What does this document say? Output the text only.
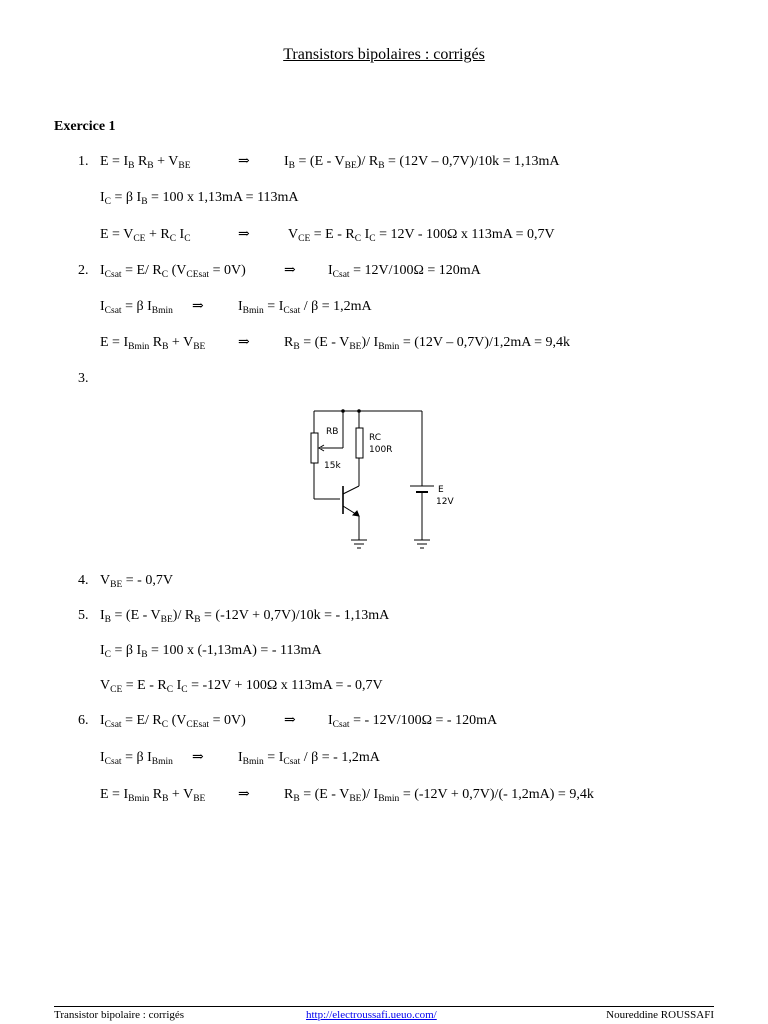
Transistors bipolaires : corrigés
Exercice 1
1. $E = I_B$ $R_B + V_{BE}$	⇒ $I_B = (E - V_{BE})/$ $R_B = (12V - 0,7V)/10k = 1,13mA$
$I_C = \beta$ $I_B = 100$ x 1,13mA = 113mA
$E = V_{CE} + R_C$ $I_C$	⇒	$V_{CE} = E - R_C$ $I_C = 12V - 100\Omega$ x 113mA = 0,7V
2. $I_{Csat} = E/$ $R_C$ $(V_{CEsat} = 0V)$	⇒ $I_{Csat} = 12V/100\Omega = 120mA$
$I_{Csat} = \beta$ $I_{Bmin}$ ⇒ $I_{Bmin} = I_{Csat} / \beta = 1,2mA$
$E = I_{Bmin}$ $R_B + V_{BE}$ ⇒ $R_B = (E - V_{BE})/$ $I_{Bmin} = (12V - 0,7V)/1,2mA = 9,4k$
3.
RB
15k
RC
100R
E
12V
4. $V_{BE}$ = - 0,7V
5. $I_B = (E - V_{BE})/$ $R_B = (-12V + 0,7V)/10k$ = - 1,13mA
$I_C = \beta$ $I_B = 100$ x (-1,13mA) = - 113mA
$V_{CE} = E - R_C$ $I_C = -12V + 100\Omega$ x 113mA = - 0,7V
6. $I_{Csat} = E/$ $R_C$ $(V_{CEsat} = 0V)$	⇒ $I_{Csat}$ = - 12V/100Ω = - 120mA
$I_{Csat} = \beta$ $I_{Bmin}$ ⇒ $I_{Bmin} = I_{Csat} / \beta$ = - 1,2mA
$E = I_{Bmin}$ $R_B + V_{BE}$ ⇒ $R_B = (E - V_{BE})/$ $I_{Bmin} = (-12V + 0,7V)/(-$ 1,2mA) = 9,4k
Transistor bipolaire : corrigés	http://electroussafi.ueuo.com/	Noureddine ROUSSAFI
